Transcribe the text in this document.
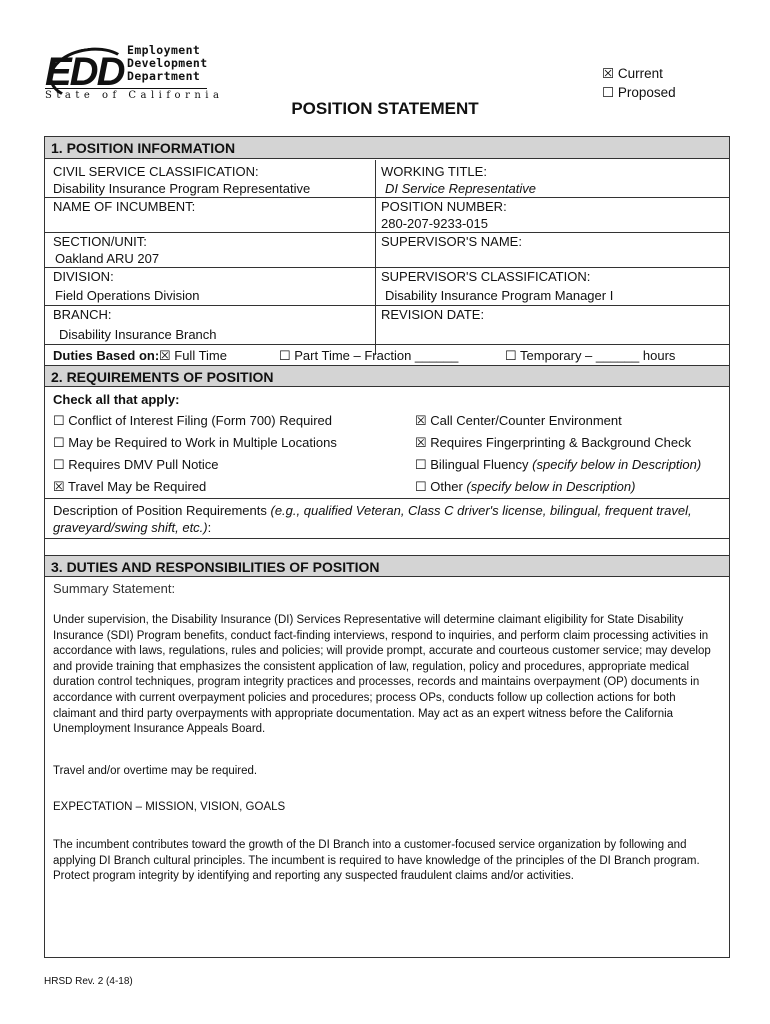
EDD Employment
Development
Department
State of California
☒ Current
☐ Proposed
POSITION STATEMENT
1. POSITION INFORMATION
CIVIL SERVICE CLASSIFICATION:
Disability Insurance Program Representative
WORKING TITLE:
DI Service Representative
NAME OF INCUMBENT:	POSITION NUMBER:
280-207-9233-015
SECTION/UNIT:
Oakland ARU 207
SUPERVISOR'S NAME:
DIVISION:
Field Operations Division
SUPERVISOR'S CLASSIFICATION:
Disability Insurance Program Manager I
BRANCH:
Disability Insurance Branch
REVISION DATE:
Duties Based on: ☒ Full Time	☐ Part Time – Fraction ______	☐ Temporary – ______ hours
2. REQUIREMENTS OF POSITION
Check all that apply:
☐ Conflict of Interest Filing (Form 700) Required
☐ May be Required to Work in Multiple Locations
☐ Requires DMV Pull Notice
☒ Travel May be Required
☒ Call Center/Counter Environment
☒ Requires Fingerprinting & Background Check
☐ Bilingual Fluency (specify below in Description)
☐ Other (specify below in Description)
Description of Position Requirements (e.g., qualified Veteran, Class C driver's license, bilingual, frequent travel, graveyard/swing shift, etc.):
3. DUTIES AND RESPONSIBILITIES OF POSITION
Summary Statement:
Under supervision, the Disability Insurance (DI) Services Representative will determine claimant eligibility for State Disability Insurance (SDI) Program benefits, conduct fact-finding interviews, respond to inquiries, and perform claim processing activities in accordance with laws, regulations, rules and policies; will provide prompt, accurate and courteous customer service; may develop and provide training that emphasizes the consistent application of law, regulation, policy and procedures, appropriate medical duration control techniques, program integrity practices and processes, records and maintains overpayment (OP) documents in accordance with current overpayment policies and procedures; process OPs, conducts follow up collection actions for both claimant and third party overpayments with appropriate documentation. May act as an expert witness before the California Unemployment Insurance Appeals Board.
Travel and/or overtime may be required.
EXPECTATION – MISSION, VISION, GOALS
The incumbent contributes toward the growth of the DI Branch into a customer-focused service organization by following and applying DI Branch cultural principles. The incumbent is required to have knowledge of the principles of the DI Branch program. Protect program integrity by identifying and reporting any suspected fraudulent claims and/or activities.
HRSD Rev. 2 (4-18)
